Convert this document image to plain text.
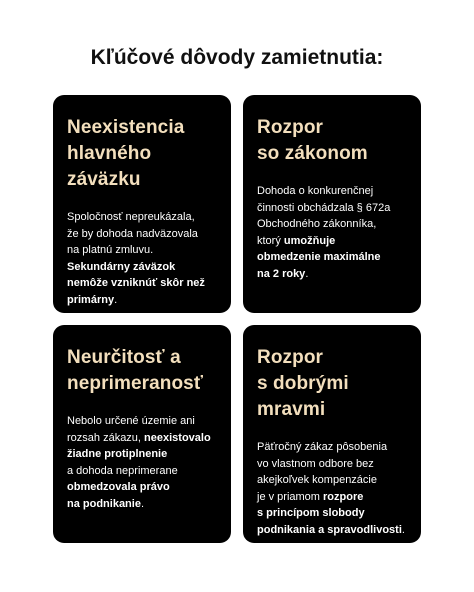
Kľúčové dôvody zamietnutia:
Neexistencia
hlavného
záväzku
Spoločnosť nepreukázala,
že by dohoda nadväzovala
na platnú zmluvu.
Sekundárny záväzok
nemôže vzniknúť skôr než
primárny.
Rozpor
so zákonom
Dohoda o konkurenčnej
činnosti obchádzala § 672a
Obchodného zákonníka,
ktorý umožňuje
obmedzenie maximálne
na 2 roky.
Neurčitosť a
neprimeranosť
Nebolo určené územie ani
rozsah zákazu, neexistovalo
žiadne protiplnenie
a dohoda neprimerane
obmedzovala právo
na podnikanie.
Rozpor
s dobrými
mravmi
Päťročný zákaz pôsobenia
vo vlastnom odbore bez
akejkoľvek kompenzácie
je v priamom rozpore
s princípom slobody
podnikania a spravodlivosti.
